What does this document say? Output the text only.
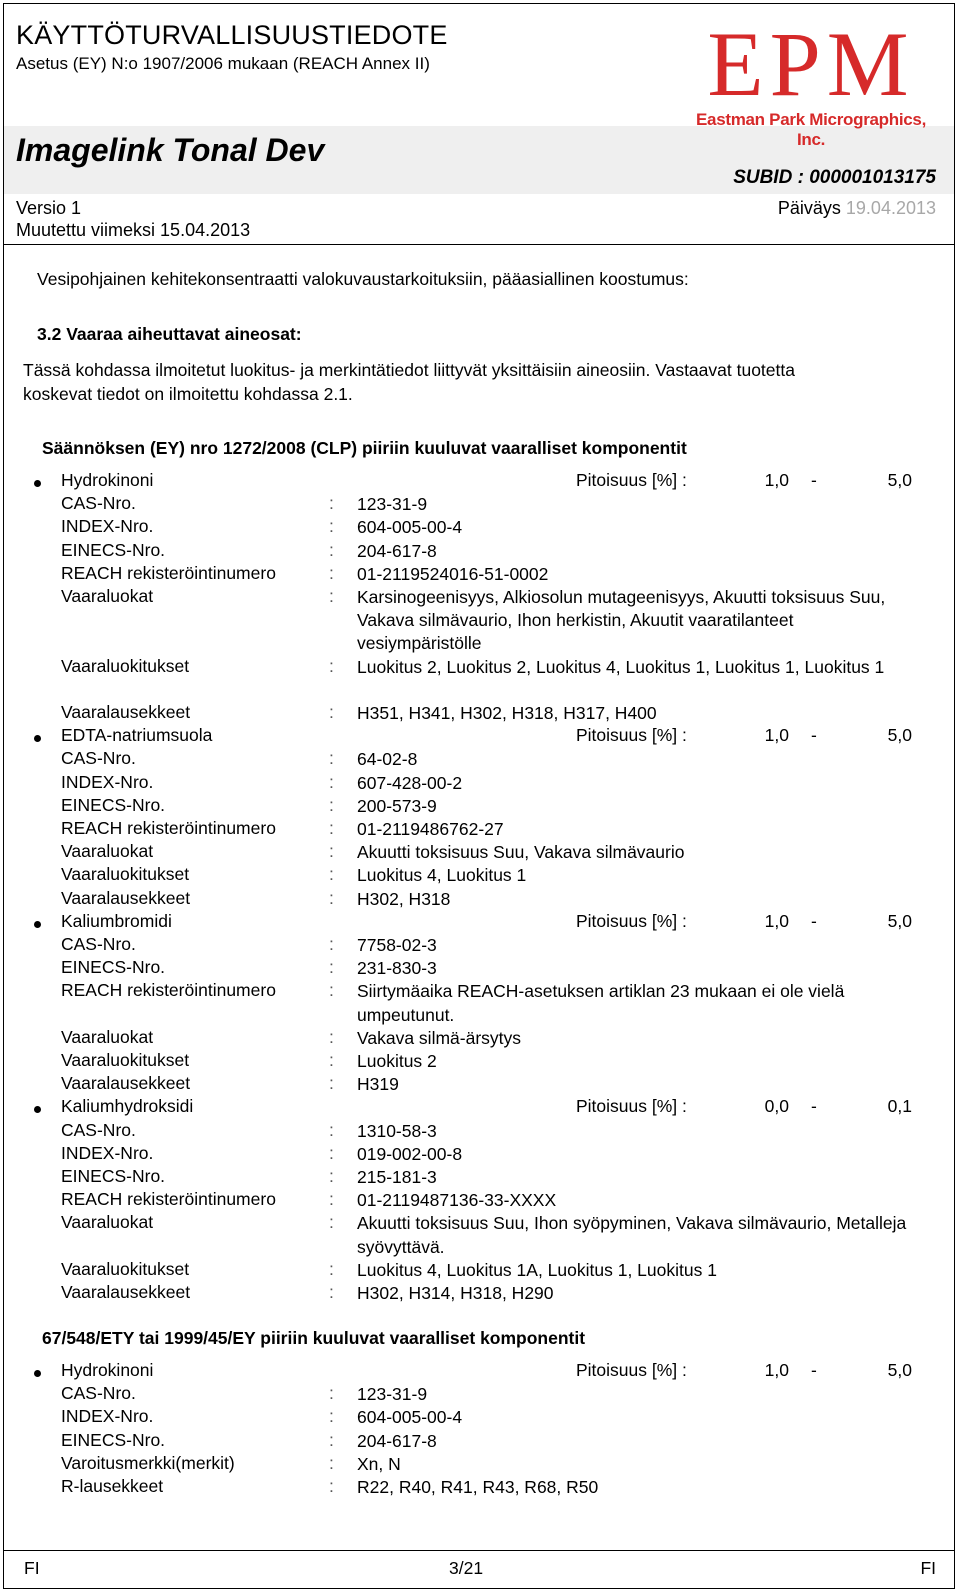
KÄYTTÖTURVALLISUUSTIEDOTE
Asetus (EY) N:o 1907/2006 mukaan (REACH Annex II)	EPM
Eastman Park Micrographics, Inc.
Imagelink Tonal Dev
SUBID : 000001013175
Versio 1	Päiväys 19.04.2013
Muutettu viimeksi 15.04.2013
Vesipohjainen kehitekonsentraatti valokuvaustarkoituksiin, pääasiallinen koostumus:
3.2 Vaaraa aiheuttavat aineosat:
Tässä kohdassa ilmoitetut luokitus- ja merkintätiedot liittyvät yksittäisiin aineosiin. Vastaavat tuotetta
koskevat tiedot on ilmoitettu kohdassa 2.1.
Säännöksen (EY) nro 1272/2008 (CLP) piiriin kuuluvat vaaralliset komponentit
Hydrokinoni	Pitoisuus [%] :	1,0 -	5,0
CAS-Nro.	: 123-31-9
INDEX-Nro.	: 604-005-00-4
EINECS-Nro.	: 204-617-8
REACH rekisteröintinumero	: 01-2119524016-51-0002
Vaaraluokat	: Karsinogeenisyys, Alkiosolun mutageenisyys, Akuutti toksisuus Suu, Vakava silmävaurio, Ihon herkistin, Akuutit vaaratilanteet vesiympäristölle
Vaaraluokitukset	: Luokitus 2, Luokitus 2, Luokitus 4, Luokitus 1, Luokitus 1, Luokitus 1
Vaaralausekkeet	: H351, H341, H302, H318, H317, H400
EDTA-natriumsuola	Pitoisuus [%] :	1,0 -	5,0
CAS-Nro.	: 64-02-8
INDEX-Nro.	: 607-428-00-2
EINECS-Nro.	: 200-573-9
REACH rekisteröintinumero	: 01-2119486762-27
Vaaraluokat	: Akuutti toksisuus Suu, Vakava silmävaurio
Vaaraluokitukset	: Luokitus 4, Luokitus 1
Vaaralausekkeet	: H302, H318
Kaliumbromidi	Pitoisuus [%] :	1,0 -	5,0
CAS-Nro.	: 7758-02-3
EINECS-Nro.	: 231-830-3
REACH rekisteröintinumero	: Siirtymäaika REACH-asetuksen artiklan 23 mukaan ei ole vielä umpeutunut.
Vaaraluokat	: Vakava silmä-ärsytys
Vaaraluokitukset	: Luokitus 2
Vaaralausekkeet	: H319
Kaliumhydroksidi	Pitoisuus [%] :	0,0 -	0,1
CAS-Nro.	: 1310-58-3
INDEX-Nro.	: 019-002-00-8
EINECS-Nro.	: 215-181-3
REACH rekisteröintinumero	: 01-2119487136-33-XXXX
Vaaraluokat	: Akuutti toksisuus Suu, Ihon syöpyminen, Vakava silmävaurio, Metalleja syövyttävä.
Vaaraluokitukset	: Luokitus 4, Luokitus 1A, Luokitus 1, Luokitus 1
Vaaralausekkeet	: H302, H314, H318, H290
67/548/ETY tai 1999/45/EY piiriin kuuluvat vaaralliset komponentit
Hydrokinoni	Pitoisuus [%] :	1,0 -	5,0
CAS-Nro.	: 123-31-9
INDEX-Nro.	: 604-005-00-4
EINECS-Nro.	: 204-617-8
Varoitusmerkki(merkit)	: Xn, N
R-lausekkeet	: R22, R40, R41, R43, R68, R50
FI	3/21	FI
